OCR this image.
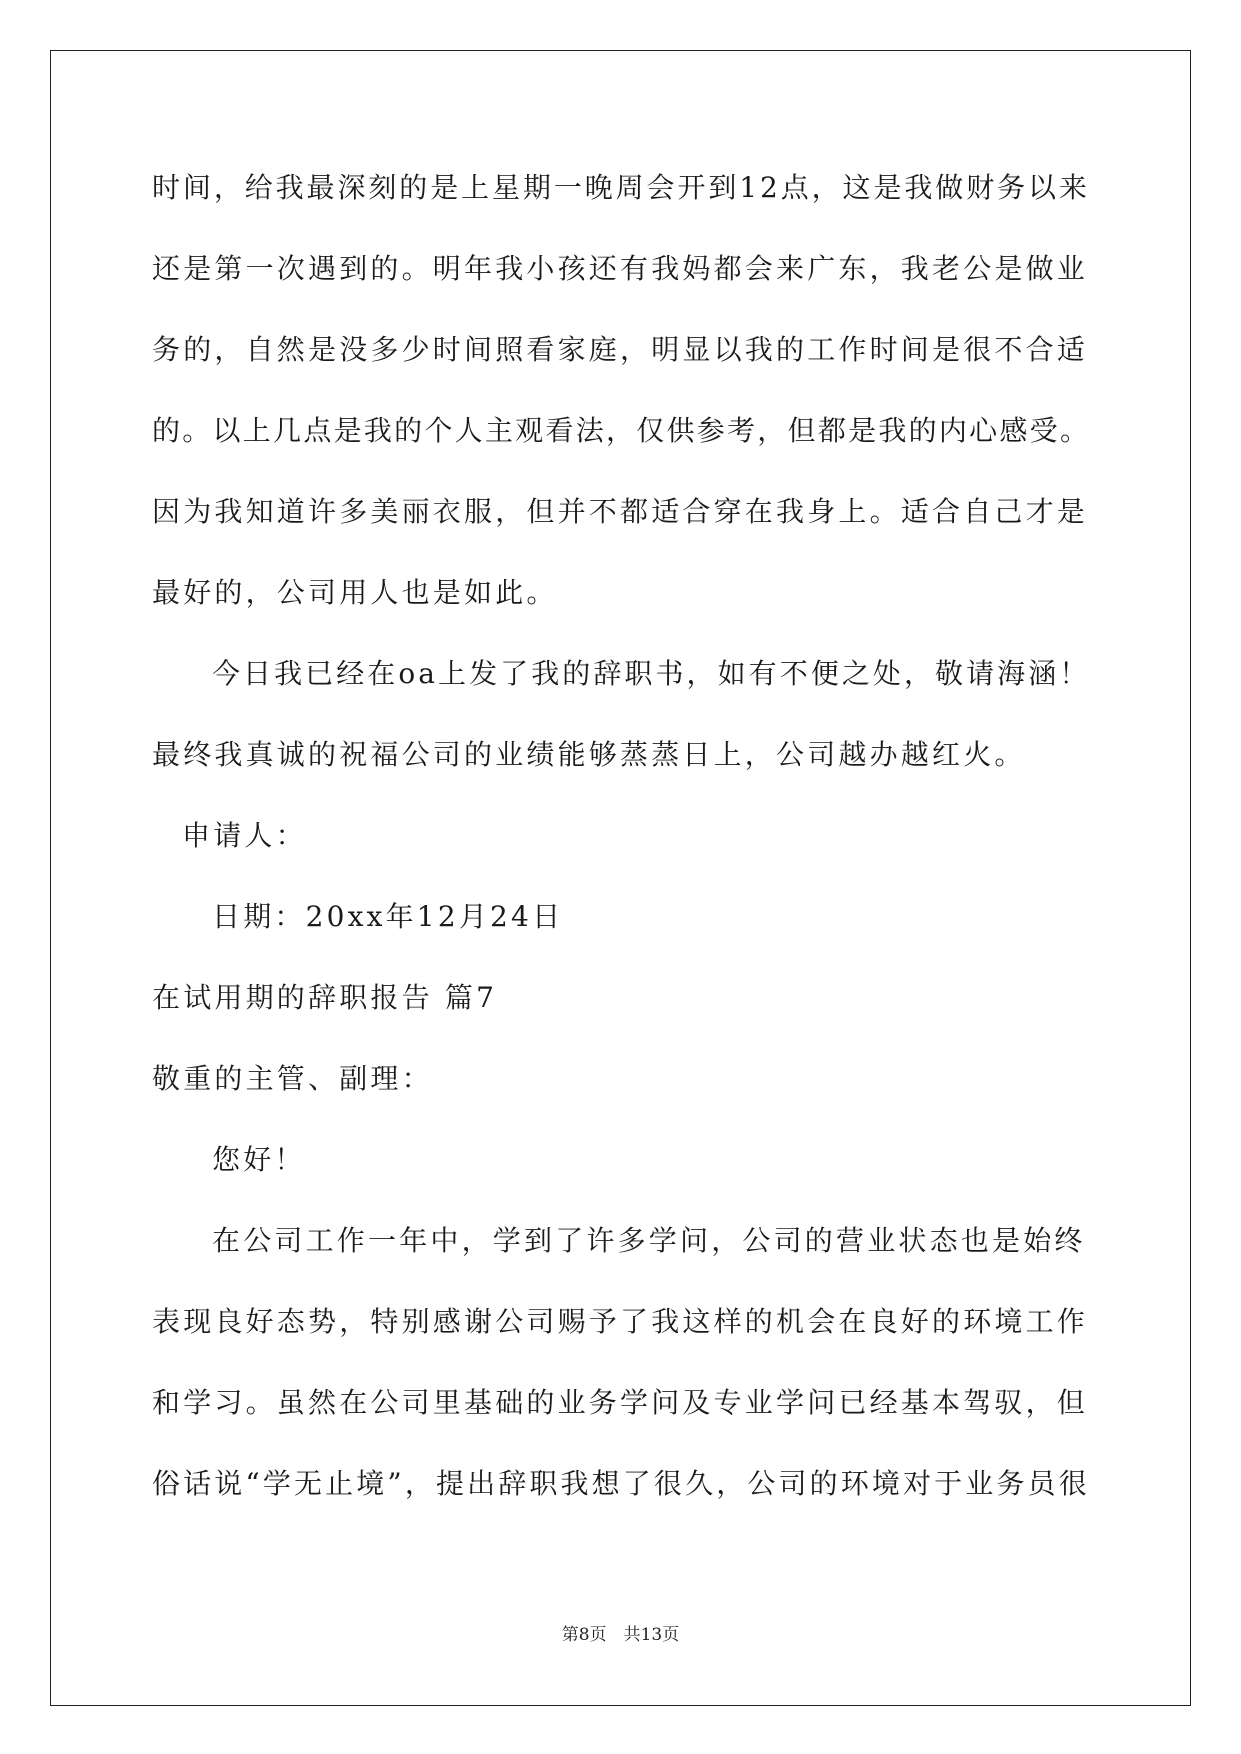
时间，给我最深刻的是上星期一晚周会开到12点，这是我做财务以来
还是第一次遇到的。明年我小孩还有我妈都会来广东，我老公是做业
务的，自然是没多少时间照看家庭，明显以我的工作时间是很不合适
的。以上几点是我的个人主观看法，仅供参考，但都是我的内心感受。
因为我知道许多美丽衣服，但并不都适合穿在我身上。适合自己才是
最好的，公司用人也是如此。
今日我已经在oa上发了我的辞职书，如有不便之处，敬请海涵！
最终我真诚的祝福公司的业绩能够蒸蒸日上，公司越办越红火。
申请人：
日期：20xx年12月24日
在试用期的辞职报告 篇7
敬重的主管、副理：
您好！
在公司工作一年中，学到了许多学问，公司的营业状态也是始终
表现良好态势，特别感谢公司赐予了我这样的机会在良好的环境工作
和学习。虽然在公司里基础的业务学问及专业学问已经基本驾驭，但
俗话说“学无止境”，提出辞职我想了很久，公司的环境对于业务员很
第8页　共13页
